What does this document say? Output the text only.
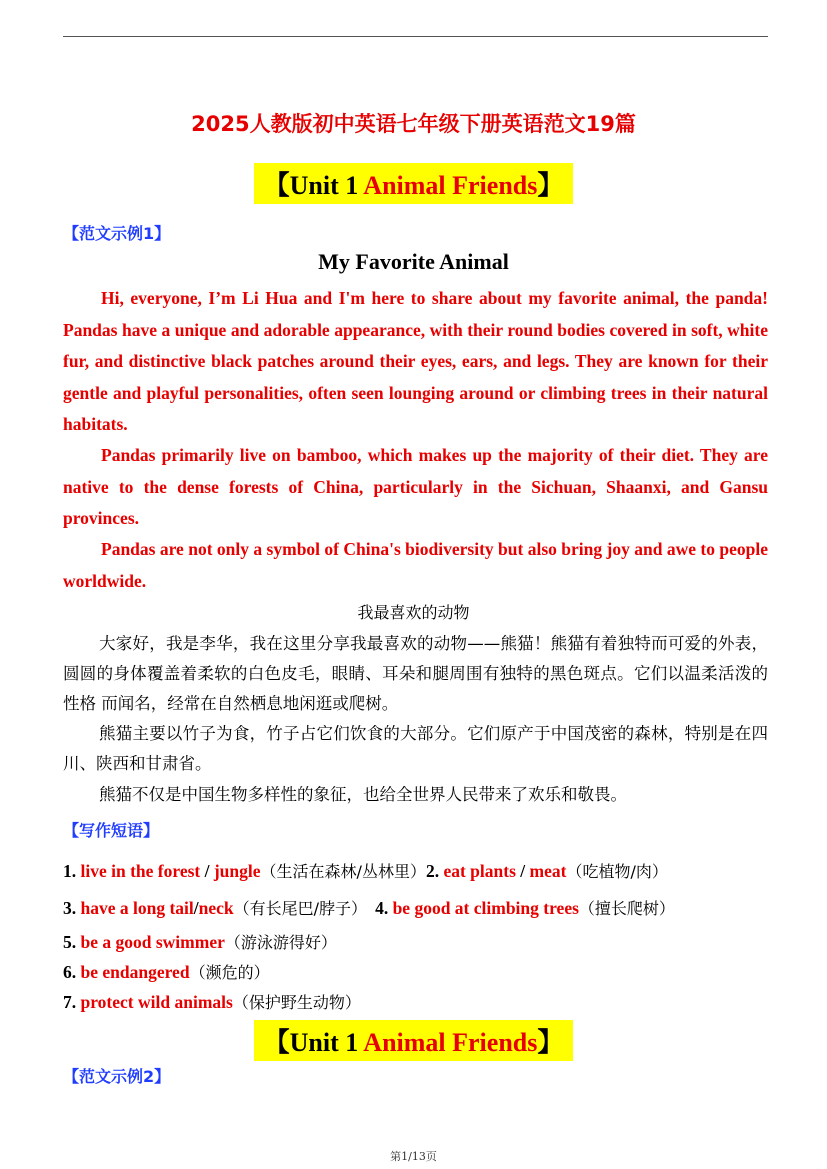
2025人教版初中英语七年级下册英语范文19篇
【Unit 1 Animal Friends】
【范文示例1】
My Favorite Animal

Hi, everyone, I’m Li Hua and I'm here to share about my favorite animal, the panda! Pandas have a unique and adorable appearance, with their round bodies covered in soft, white fur, and distinctive black patches around their eyes, ears, and legs. They are known for their gentle and playful personalities, often seen lounging around or climbing trees in their natural habitats.

Pandas primarily live on bamboo, which makes up the majority of their diet. They are native to the dense forests of China, particularly in the Sichuan, Shaanxi, and Gansu provinces.

Pandas are not only a symbol of China's biodiversity but also bring joy and awe to people worldwide.

我最喜欢的动物

大家好，我是李华，我在这里分享我最喜欢的动物——熊猫！熊猫有着独特而可爱的外表，圆圆的身体覆盖着柔软的白色皮毛，眼睛、耳朵和腿周围有独特的黑色斑点。它们以温柔活泼的性格 而闻名，经常在自然栖息地闲逛或爬树。

熊猫主要以竹子为食，竹子占它们饮食的大部分。它们原产于中国茂密的森林，特别是在四川、陕西和甘肃省。

熊猫不仅是中国生物多样性的象征，也给全世界人民带来了欢乐和敬畏。

【写作短语】

1. live in the forest / jungle（生活在森林/丛林里）2. eat plants / meat（吃植物/肉）

3. have a long tail/neck（有长尾巴/脖子） 4. be good at climbing trees（擅长爬树）

5. be a good swimmer（游泳游得好）

6. be endangered（濒危的）

7. protect wild animals（保护野生动物）

【Unit 1 Animal Friends】
【范文示例2】
第1/13页
